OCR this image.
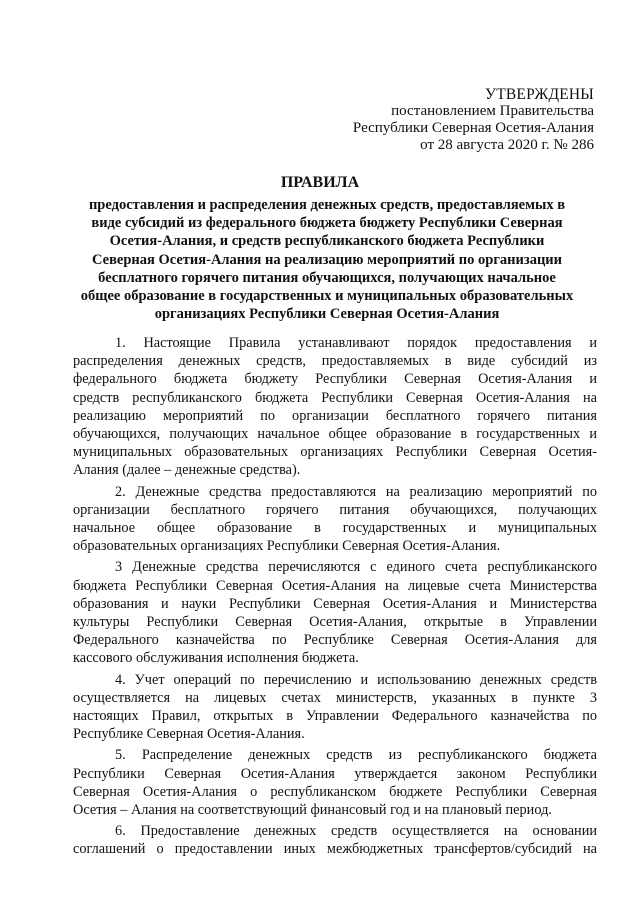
УТВЕРЖДЕНЫ
постановлением Правительства
Республики Северная Осетия-Алания
от 28 августа 2020 г. № 286
ПРАВИЛА
предоставления и распределения денежных средств, предоставляемых в
виде субсидий из федерального бюджета бюджету Республики Северная
Осетия-Алания, и средств республиканского бюджета Республики
Северная Осетия-Алания на реализацию мероприятий по организации
бесплатного горячего питания обучающихся, получающих начальное
общее образование в государственных и муниципальных образовательных
организациях Республики Северная Осетия-Алания
1. Настоящие Правила устанавливают порядок предоставления и
распределения денежных средств, предоставляемых в виде субсидий из
федерального бюджета бюджету Республики Северная Осетия-Алания и
средств республиканского бюджета Республики Северная Осетия-Алания на
реализацию мероприятий по организации бесплатного горячего питания
обучающихся, получающих начальное общее образование в государственных и
муниципальных образовательных организациях Республики Северная Осетия-
Алания (далее – денежные средства).
2. Денежные средства предоставляются на реализацию мероприятий по
организации бесплатного горячего питания обучающихся, получающих
начальное общее образование в государственных и муниципальных
образовательных организациях Республики Северная Осетия-Алания.
3 Денежные средства перечисляются с единого счета республиканского
бюджета Республики Северная Осетия-Алания на лицевые счета Министерства
образования и науки Республики Северная Осетия-Алания и Министерства
культуры Республики Северная Осетия-Алания, открытые в Управлении
Федерального казначейства по Республике Северная Осетия-Алания для
кассового обслуживания исполнения бюджета.
4. Учет операций по перечислению и использованию денежных средств
осуществляется на лицевых счетах министерств, указанных в пункте 3
настоящих Правил, открытых в Управлении Федерального казначейства по
Республике Северная Осетия-Алания.
5. Распределение денежных средств из республиканского бюджета
Республики Северная Осетия-Алания утверждается законом Республики
Северная Осетия-Алания о республиканском бюджете Республики Северная
Осетия – Алания на соответствующий финансовый год и на плановый период.
6. Предоставление денежных средств осуществляется на основании
соглашений о предоставлении иных межбюджетных трансфертов/субсидий на
